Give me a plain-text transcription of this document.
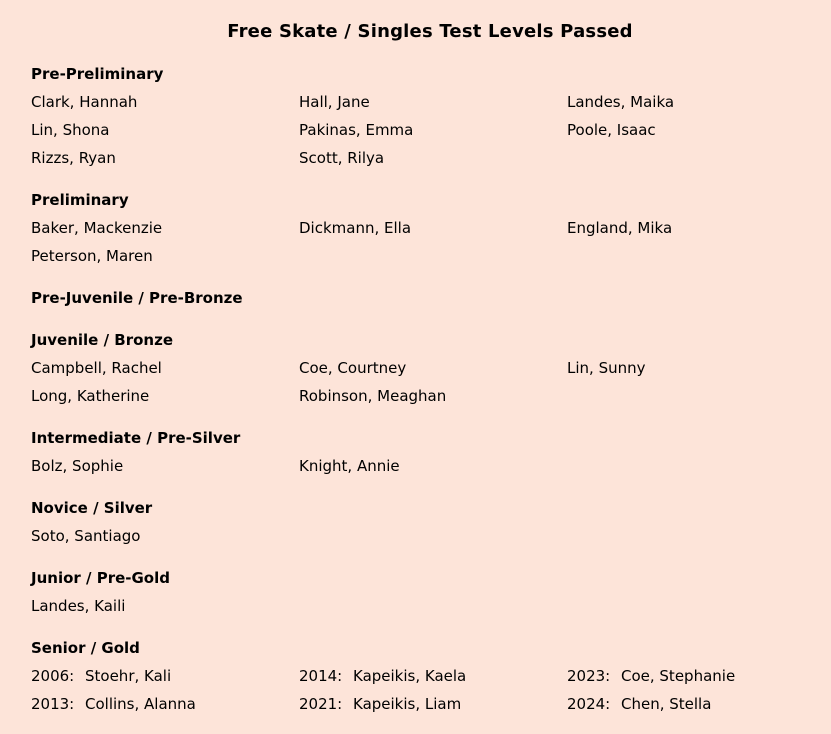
Free Skate / Singles Test Levels Passed
Pre-Preliminary
Clark, Hannah	Hall, Jane	Landes, Maika
Lin, Shona	Pakinas, Emma	Poole, Isaac
Rizzs, Ryan	Scott, Rilya
Preliminary
Baker, Mackenzie	Dickmann, Ella	England, Mika
Peterson, Maren
Pre-Juvenile / Pre-Bronze
Juvenile / Bronze
Campbell, Rachel	Coe, Courtney	Lin, Sunny
Long, Katherine	Robinson, Meaghan
Intermediate / Pre-Silver
Bolz, Sophie	Knight, Annie
Novice / Silver
Soto, Santiago
Junior / Pre-Gold
Landes, Kaili
Senior / Gold
2006: Stoehr, Kali	2014: Kapeikis, Kaela	2023: Coe, Stephanie
2013: Collins, Alanna	2021: Kapeikis, Liam	2024: Chen, Stella
